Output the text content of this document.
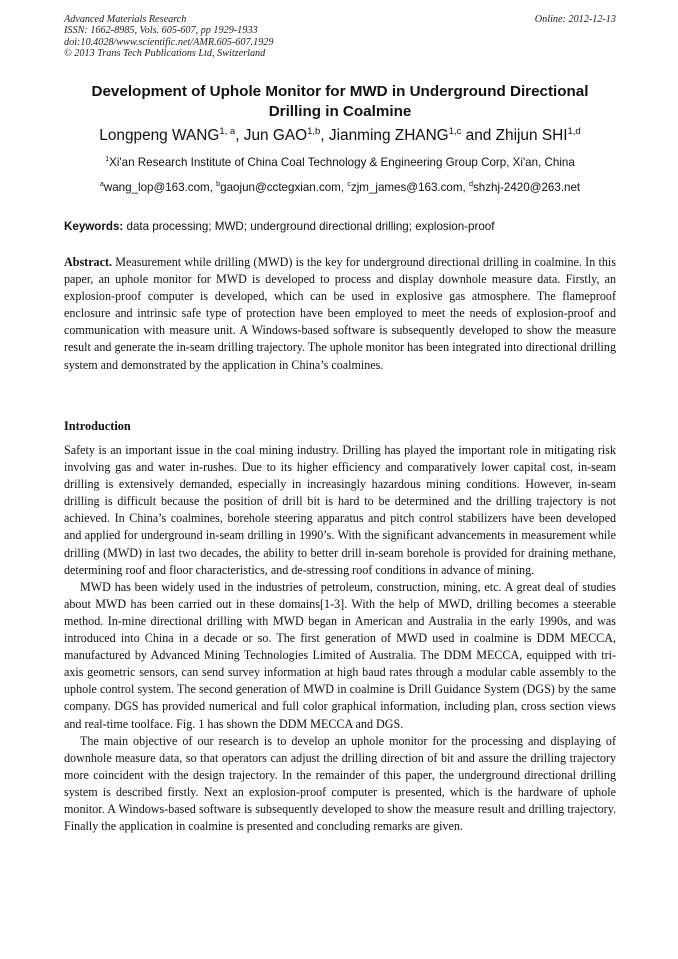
Advanced Materials Research
ISSN: 1662-8985, Vols. 605-607, pp 1929-1933
doi:10.4028/www.scientific.net/AMR.605-607.1929
© 2013 Trans Tech Publications Ltd, Switzerland
Online: 2012-12-13
Development of Uphole Monitor for MWD in Underground Directional Drilling in Coalmine
Longpeng WANG$^{1, a}$, Jun GAO$^{1,b}$, Jianming ZHANG$^{1,c}$ and Zhijun SHI$^{1,d}$
$^1$Xi'an Research Institute of China Coal Technology & Engineering Group Corp, Xi'an, China
$^a$wang_lop@163.com, $^b$gaojun@cctegxian.com, $^c$zjm_james@163.com, $^d$shzhj-2420@263.net
Keywords: data processing; MWD; underground directional drilling; explosion-proof
Abstract. Measurement while drilling (MWD) is the key for underground directional drilling in coalmine. In this paper, an uphole monitor for MWD is developed to process and display downhole measure data. Firstly, an explosion-proof computer is developed, which can be used in explosive gas atmosphere. The flameproof enclosure and intrinsic safe type of protection have been employed to meet the needs of explosion-proof and communication with measure unit. A Windows-based software is subsequently developed to show the measure result and generate the in-seam drilling trajectory. The uphole monitor has been integrated into directional drilling system and demonstrated by the application in China’s coalmines.
Introduction

Safety is an important issue in the coal mining industry. Drilling has played the important role in mitigating risk involving gas and water in-rushes. Due to its higher efficiency and comparatively lower capital cost, in-seam drilling is extensively demanded, especially in increasingly hazardous mining conditions. However, in-seam drilling is difficult because the position of drill bit is hard to be determined and the drilling trajectory is not achieved. In China’s coalmines, borehole steering apparatus and pitch control stabilizers have been developed and applied for underground in-seam drilling in 1990’s. With the significant advancements in measurement while drilling (MWD) in last two decades, the ability to better drill in-seam borehole is provided for draining methane, determining roof and floor characteristics, and de-stressing roof conditions in advance of mining.

MWD has been widely used in the industries of petroleum, construction, mining, etc. A great deal of studies about MWD has been carried out in these domains[1-3]. With the help of MWD, drilling becomes a steerable method. In-mine directional drilling with MWD began in American and Australia in the early 1990s, and was introduced into China in a decade or so. The first generation of MWD used in coalmine is DDM MECCA, manufactured by Advanced Mining Technologies Limited of Australia. The DDM MECCA, equipped with tri-axis geometric sensors, can send survey information at high baud rates through a modular cable assembly to the uphole control system. The second generation of MWD in coalmine is Drill Guidance System (DGS) by the same company. DGS has provided numerical and full color graphical information, including plan, cross section views and real-time toolface. Fig. 1 has shown the DDM MECCA and DGS.

The main objective of our research is to develop an uphole monitor for the processing and displaying of downhole measure data, so that operators can adjust the drilling direction of bit and assure the drilling trajectory more coincident with the design trajectory. In the remainder of this paper, the underground directional drilling system is described firstly. Next an explosion-proof computer is presented, which is the hardware of uphole monitor. A Windows-based software is subsequently developed to show the measure result and drilling trajectory. Finally the application in coalmine is presented and concluding remarks are given.
